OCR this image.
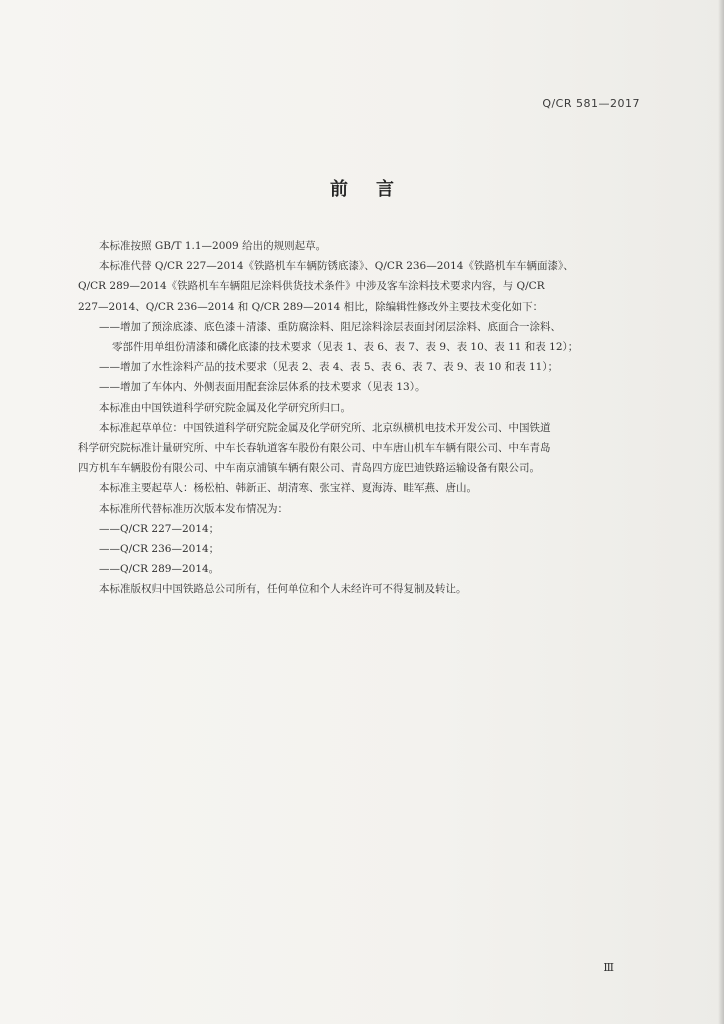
Q/CR 581—2017
前言
本标准按照 GB/T 1.1—2009 给出的规则起草。
本标准代替 Q/CR 227—2014《铁路机车车辆防锈底漆》、Q/CR 236—2014《铁路机车车辆面漆》、
Q/CR 289—2014《铁路机车车辆阻尼涂料供货技术条件》中涉及客车涂料技术要求内容，与 Q/CR
227—2014、Q/CR 236—2014 和 Q/CR 289—2014 相比，除编辑性修改外主要技术变化如下：
——增加了预涂底漆、底色漆＋清漆、重防腐涂料、阻尼涂料涂层表面封闭层涂料、底面合一涂料、
零部件用单组份清漆和磷化底漆的技术要求（见表 1、表 6、表 7、表 9、表 10、表 11 和表 12）；
——增加了水性涂料产品的技术要求（见表 2、表 4、表 5、表 6、表 7、表 9、表 10 和表 11）；
——增加了车体内、外侧表面用配套涂层体系的技术要求（见表 13）。
本标准由中国铁道科学研究院金属及化学研究所归口。
本标准起草单位：中国铁道科学研究院金属及化学研究所、北京纵横机电技术开发公司、中国铁道
科学研究院标准计量研究所、中车长春轨道客车股份有限公司、中车唐山机车车辆有限公司、中车青岛
四方机车车辆股份有限公司、中车南京浦镇车辆有限公司、青岛四方庞巴迪铁路运输设备有限公司。
本标准主要起草人：杨松柏、韩新正、胡清寒、张宝祥、夏海涛、畦军燕、唐山。
本标准所代替标准历次版本发布情况为：
——Q/CR 227—2014；
——Q/CR 236—2014；
——Q/CR 289—2014。
本标准版权归中国铁路总公司所有，任何单位和个人未经许可不得复制及转让。
Ⅲ
